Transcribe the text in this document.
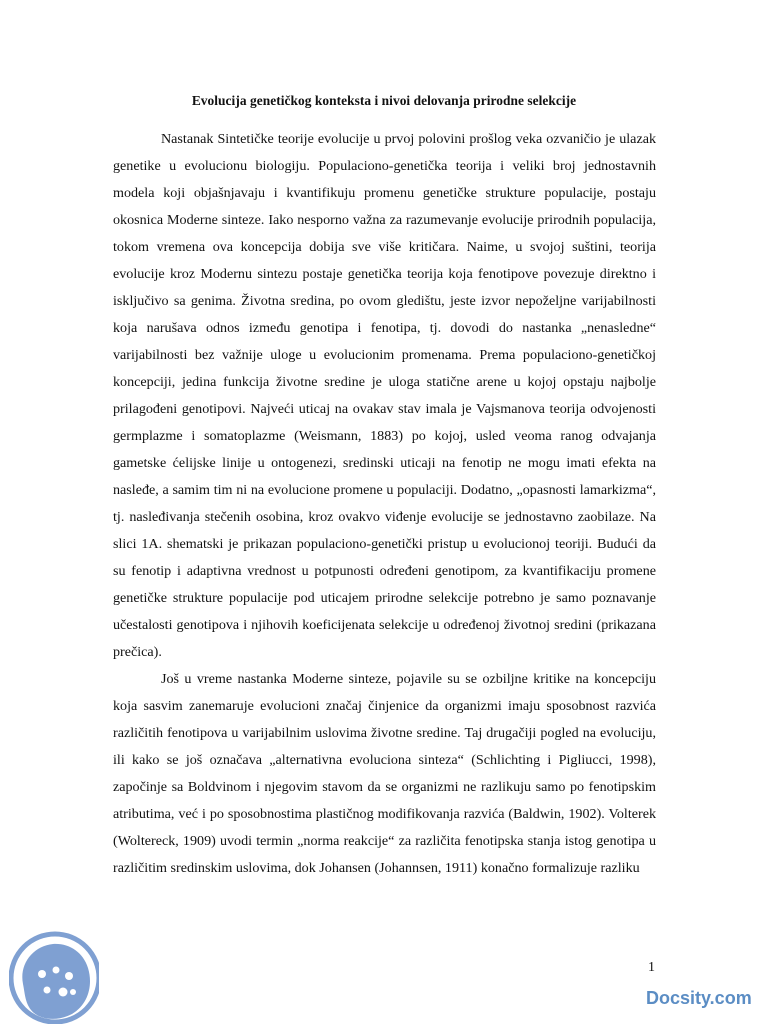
Evolucija genetičkog konteksta i nivoi delovanja prirodne selekcije

Nastanak Sintetičke teorije evolucije u prvoj polovini prošlog veka ozvaničio je ulazak genetike u evolucionu biologiju. Populaciono-genetička teorija i veliki broj jednostavnih modela koji objašnjavaju i kvantifikuju promenu genetičke strukture populacije, postaju okosnica Moderne sinteze. Iako nesporno važna za razumevanje evolucije prirodnih populacija, tokom vremena ova koncepcija dobija sve više kritičara. Naime, u svojoj suštini, teorija evolucije kroz Modernu sintezu postaje genetička teorija koja fenotipove povezuje direktno i isključivo sa genima. Životna sredina, po ovom gledištu, jeste izvor nepoželjne varijabilnosti koja narušava odnos između genotipa i fenotipa, tj. dovodi do nastanka „nenasledne“ varijabilnosti bez važnije uloge u evolucionim promenama. Prema populaciono-genetičkoj koncepciji, jedina funkcija životne sredine je uloga statične arene u kojoj opstaju najbolje prilagođeni genotipovi. Najveći uticaj na ovakav stav imala je Vajsmanova teorija odvojenosti germplazme i somatoplazme (Weismann, 1883) po kojoj, usled veoma ranog odvajanja gametske ćelijske linije u ontogenezi, sredinski uticaji na fenotip ne mogu imati efekta na nasleđe, a samim tim ni na evolucione promene u populaciji. Dodatno, „opasnosti lamarkizma“, tj. nasleđivanja stečenih osobina, kroz ovakvo viđenje evolucije se jednostavno zaobilaze. Na slici 1A. shematski je prikazan populaciono-genetički pristup u evolucionoj teoriji. Budući da su fenotip i adaptivna vrednost u potpunosti određeni genotipom, za kvantifikaciju promene genetičke strukture populacije pod uticajem prirodne selekcije potrebno je samo poznavanje učestalosti genotipova i njihovih koeficijenata selekcije u određenoj životnoj sredini (prikazana prečica).

Još u vreme nastanka Moderne sinteze, pojavile su se ozbiljne kritike na koncepciju koja sasvim zanemaruje evolucioni značaj činjenice da organizmi imaju sposobnost razvića različitih fenotipova u varijabilnim uslovima životne sredine. Taj drugačiji pogled na evoluciju, ili kako se još označava „alternativna evoluciona sinteza“ (Schlichting i Pigliucci, 1998), započinje sa Boldvinom i njegovim stavom da se organizmi ne razlikuju samo po fenotipskim atributima, već i po sposobnostima plastičnog modifikovanja razvića (Baldwin, 1902). Volterek (Woltereck, 1909) uvodi termin „norma reakcije“ za različita fenotipska stanja istog genotipa u različitim sredinskim uslovima, dok Johansen (Johannsen, 1911) konačno formalizuje razliku

1
Docsity.com
